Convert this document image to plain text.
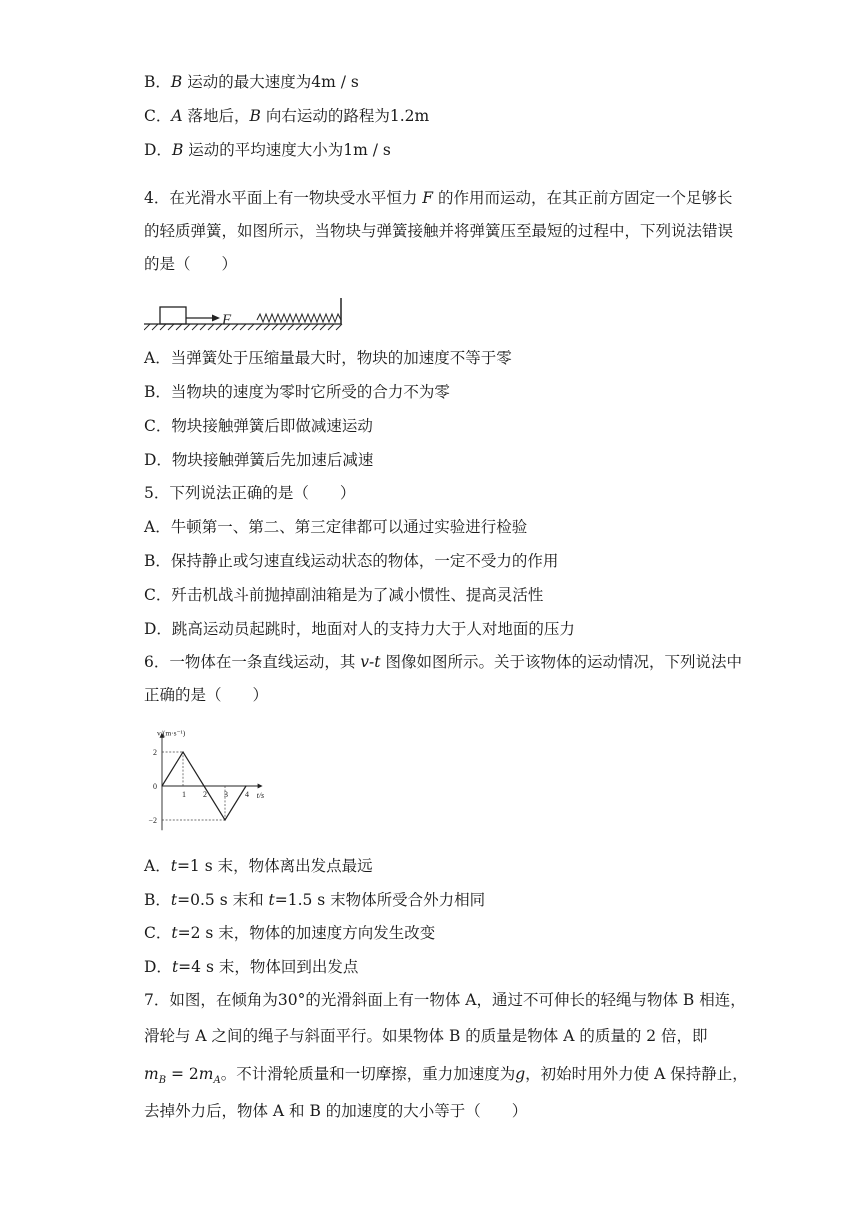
B．B 运动的最大速度为4m / s
C．A 落地后，B 向右运动的路程为1.2m
D．B 运动的平均速度大小为1m / s
4．在光滑水平面上有一物块受水平恒力 F 的作用而运动，在其正前方固定一个足够长
的轻质弹簧，如图所示，当物块与弹簧接触并将弹簧压至最短的过程中，下列说法错误
的是（　　）
F
A．当弹簧处于压缩量最大时，物块的加速度不等于零
B．当物块的速度为零时它所受的合力不为零
C．物块接触弹簧后即做减速运动
D．物块接触弹簧后先加速后减速
5．下列说法正确的是（　　）
A．牛顿第一、第二、第三定律都可以通过实验进行检验
B．保持静止或匀速直线运动状态的物体，一定不受力的作用
C．歼击机战斗前抛掉副油箱是为了减小惯性、提高灵活性
D．跳高运动员起跳时，地面对人的支持力大于人对地面的压力
6．一物体在一条直线运动，其 v-t 图像如图所示。关于该物体的运动情况，下列说法中
正确的是（　　）
v/(m·s⁻¹)
t/s
2
0
−2
1 2 3 4
A．t=1 s 末，物体离出发点最远
B．t=0.5 s 末和 t=1.5 s 末物体所受合外力相同
C．t=2 s 末，物体的加速度方向发生改变
D．t=4 s 末，物体回到出发点
7．如图，在倾角为30°的光滑斜面上有一物体 A，通过不可伸长的轻绳与物体 B 相连，
滑轮与 A 之间的绳子与斜面平行。如果物体 B 的质量是物体 A 的质量的 2 倍，即
$m_B = 2m_A$。不计滑轮质量和一切摩擦，重力加速度为g，初始时用外力使 A 保持静止，
去掉外力后，物体 A 和 B 的加速度的大小等于（　　）
